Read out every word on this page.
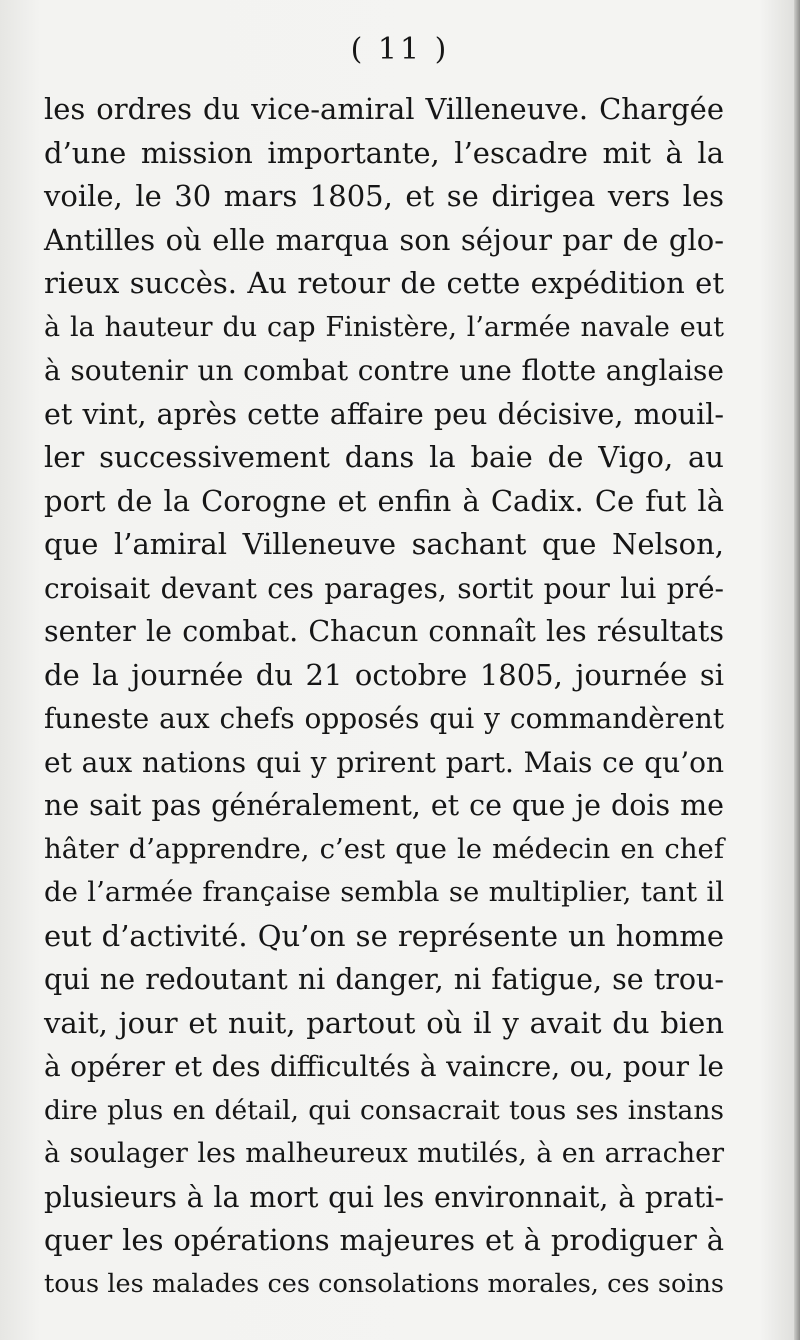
( 11 )
les ordres du vice-amiral Villeneuve. Chargée
d’une mission importante, l’escadre mit à la
voile, le 30 mars 1805, et se dirigea vers les
Antilles où elle marqua son séjour par de glo-
rieux succès. Au retour de cette expédition et
à la hauteur du cap Finistère, l’armée navale eut
à soutenir un combat contre une flotte anglaise
et vint, après cette affaire peu décisive, mouil-
ler successivement dans la baie de Vigo, au
port de la Corogne et enfin à Cadix. Ce fut là
que l’amiral Villeneuve sachant que Nelson,
croisait devant ces parages, sortit pour lui pré-
senter le combat. Chacun connaît les résultats
de la journée du 21 octobre 1805, journée si
funeste aux chefs opposés qui y commandèrent
et aux nations qui y prirent part. Mais ce qu’on
ne sait pas généralement, et ce que je dois me
hâter d’apprendre, c’est que le médecin en chef
de l’armée française sembla se multiplier, tant il
eut d’activité. Qu’on se représente un homme
qui ne redoutant ni danger, ni fatigue, se trou-
vait, jour et nuit, partout où il y avait du bien
à opérer et des difficultés à vaincre, ou, pour le
dire plus en détail, qui consacrait tous ses instans
à soulager les malheureux mutilés, à en arracher
plusieurs à la mort qui les environnait, à prati-
quer les opérations majeures et à prodiguer à
tous les malades ces consolations morales, ces soins
